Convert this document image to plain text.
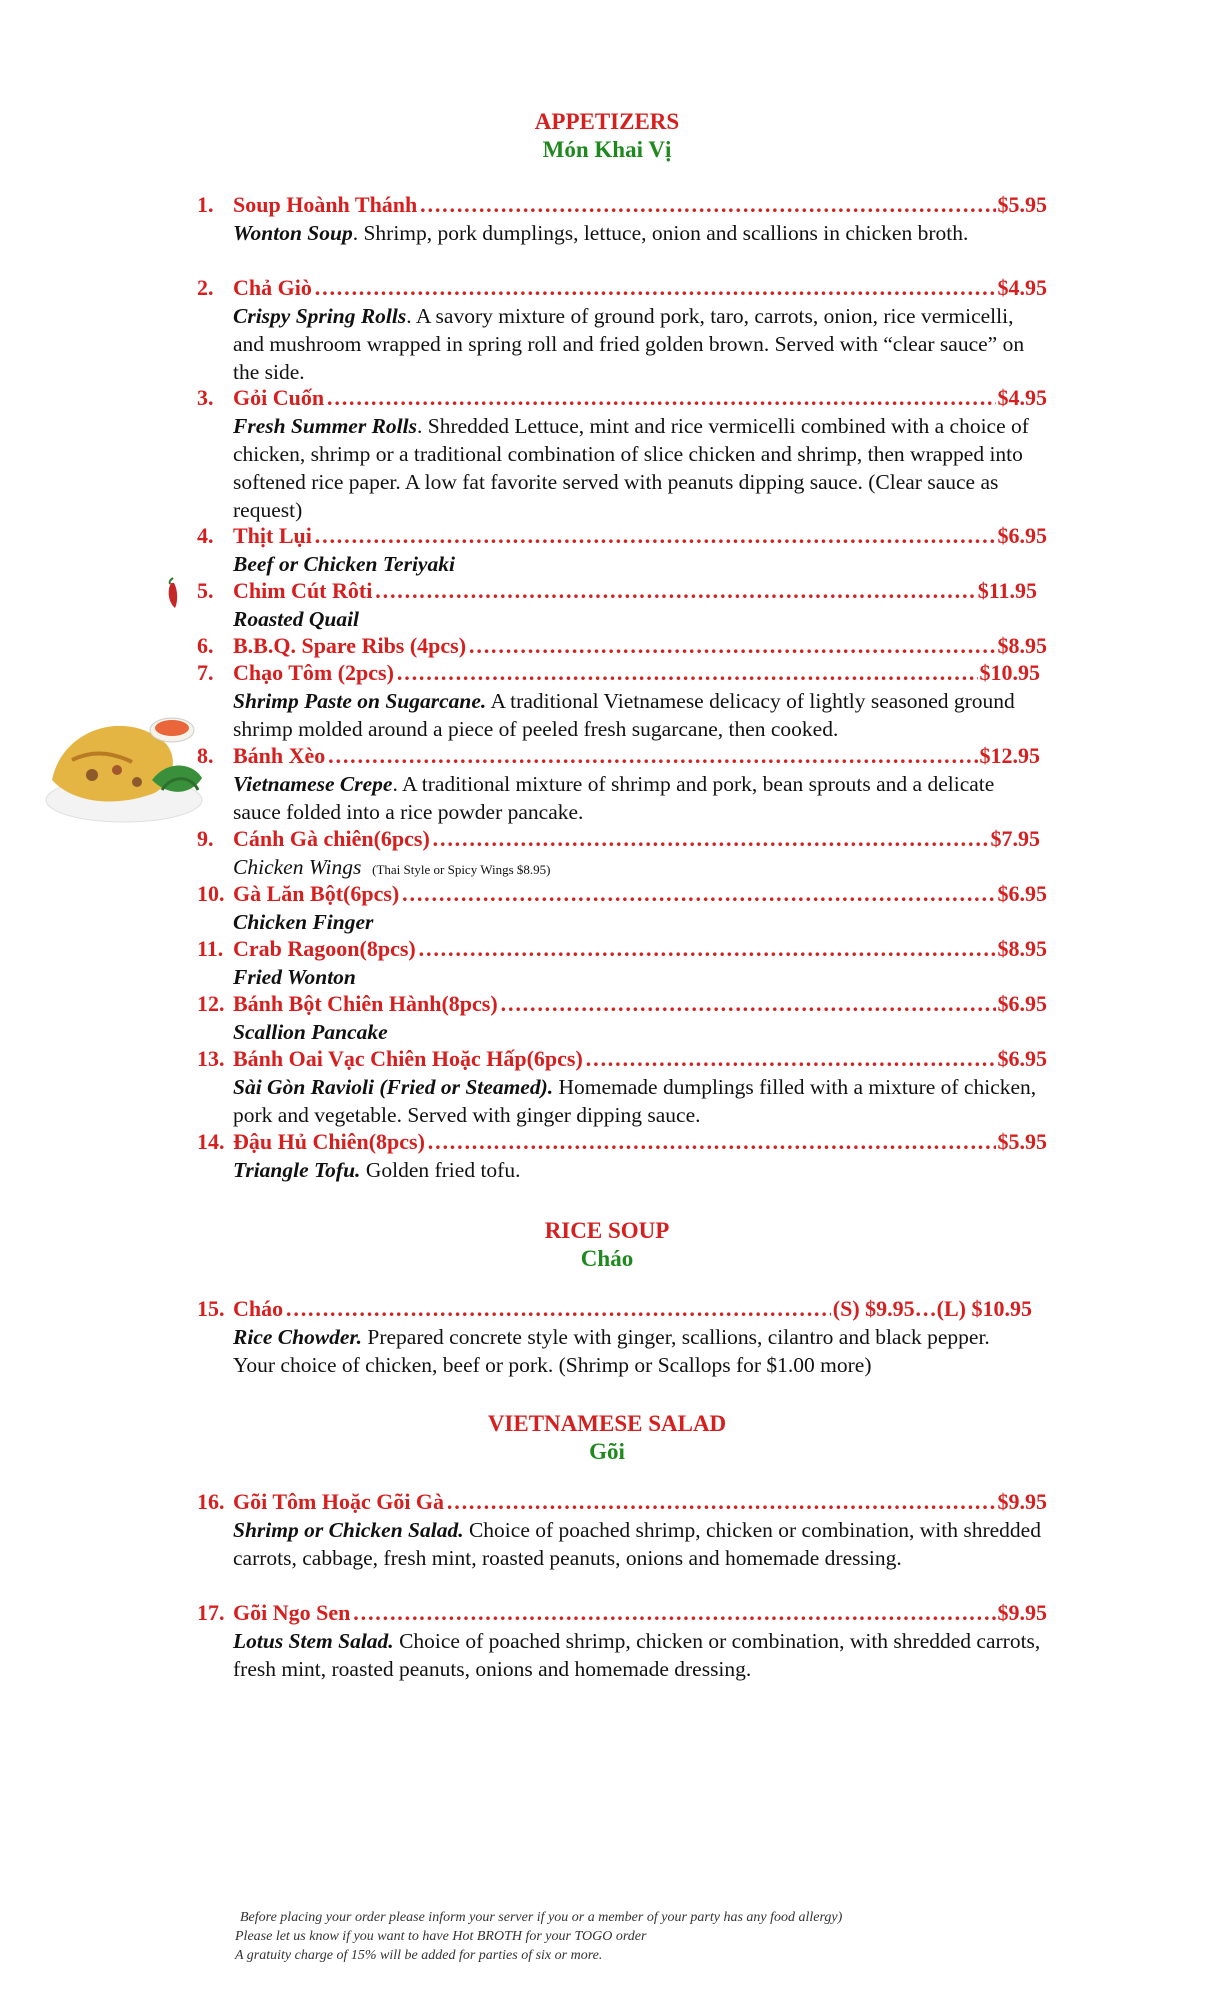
APPETIZERS
Món Khai Vị
RICE SOUP
Cháo
VIETNAMESE SALAD
Gõi
1. Soup Hoành Thánh ……………………………………………………………………………………………………………………………………………………………	$5.95
Wonton Soup. Shrimp, pork dumplings, lettuce, onion and scallions in chicken broth.
2. Chả Giò ……………………………………………………………………………………………………………………………………………………………	$4.95
Crispy Spring Rolls. A savory mixture of ground pork, taro, carrots, onion, rice vermicelli, and mushroom wrapped in spring roll and fried golden brown. Served with “clear sauce” on the side.
3. Gỏi Cuốn ……………………………………………………………………………………………………………………………………………………………	$4.95
Fresh Summer Rolls. Shredded Lettuce, mint and rice vermicelli combined with a choice of chicken, shrimp or a traditional combination of slice chicken and shrimp, then wrapped into softened rice paper. A low fat favorite served with peanuts dipping sauce. (Clear sauce as request)
4. Thịt Lụi ……………………………………………………………………………………………………………………………………………………………	$6.95
Beef or Chicken Teriyaki
5. Chim Cút Rôti ……………………………………………………………………………………………………………………………………………………………	$11.95
Roasted Quail
6. B.B.Q. Spare Ribs (4pcs) ……………………………………………………………………………………………………………………………………………………………	$8.95
7. Chạo Tôm (2pcs) ……………………………………………………………………………………………………………………………………………………………	$10.95
Shrimp Paste on Sugarcane. A traditional Vietnamese delicacy of lightly seasoned ground shrimp molded around a piece of peeled fresh sugarcane, then cooked.
8. Bánh Xèo ……………………………………………………………………………………………………………………………………………………………	$12.95
Vietnamese Crepe. A traditional mixture of shrimp and pork, bean sprouts and a delicate sauce folded into a rice powder pancake.
9. Cánh Gà chiên(6pcs) ……………………………………………………………………………………………………………………………………………………………	$7.95
Chicken Wings (Thai Style or Spicy Wings $8.95)
10. Gà Lăn Bột(6pcs) ……………………………………………………………………………………………………………………………………………………………	$6.95
Chicken Finger
11. Crab Ragoon(8pcs) ……………………………………………………………………………………………………………………………………………………………	$8.95
Fried Wonton
12. Bánh Bột Chiên Hành(8pcs) ……………………………………………………………………………………………………………………………………………………………	$6.95
Scallion Pancake
13. Bánh Oai Vạc Chiên Hoặc Hấp(6pcs) ……………………………………………………………………………………………………………………………………………………………	$6.95
Sài Gòn Ravioli (Fried or Steamed). Homemade dumplings filled with a mixture of chicken, pork and vegetable. Served with ginger dipping sauce.
14. Đậu Hủ Chiên(8pcs) ……………………………………………………………………………………………………………………………………………………………	$5.95
Triangle Tofu. Golden fried tofu.
15. Cháo ……………………………………………………………………………………………………………………………………………………………	(S) $9.95…(L) $10.95
Rice Chowder. Prepared concrete style with ginger, scallions, cilantro and black pepper. Your choice of chicken, beef or pork. (Shrimp or Scallops for $1.00 more)
16. Gõi Tôm Hoặc Gõi Gà ……………………………………………………………………………………………………………………………………………………………	$9.95
Shrimp or Chicken Salad. Choice of poached shrimp, chicken or combination, with shredded carrots, cabbage, fresh mint, roasted peanuts, onions and homemade dressing.
17. Gõi Ngo Sen ……………………………………………………………………………………………………………………………………………………………	$9.95
Lotus Stem Salad. Choice of poached shrimp, chicken or combination, with shredded carrots, fresh mint, roasted peanuts, onions and homemade dressing.
Before placing your order please inform your server if you or a member of your party has any food allergy)
Please let us know if you want to have Hot BROTH for your TOGO order
A gratuity charge of 15% will be added for parties of six or more.
